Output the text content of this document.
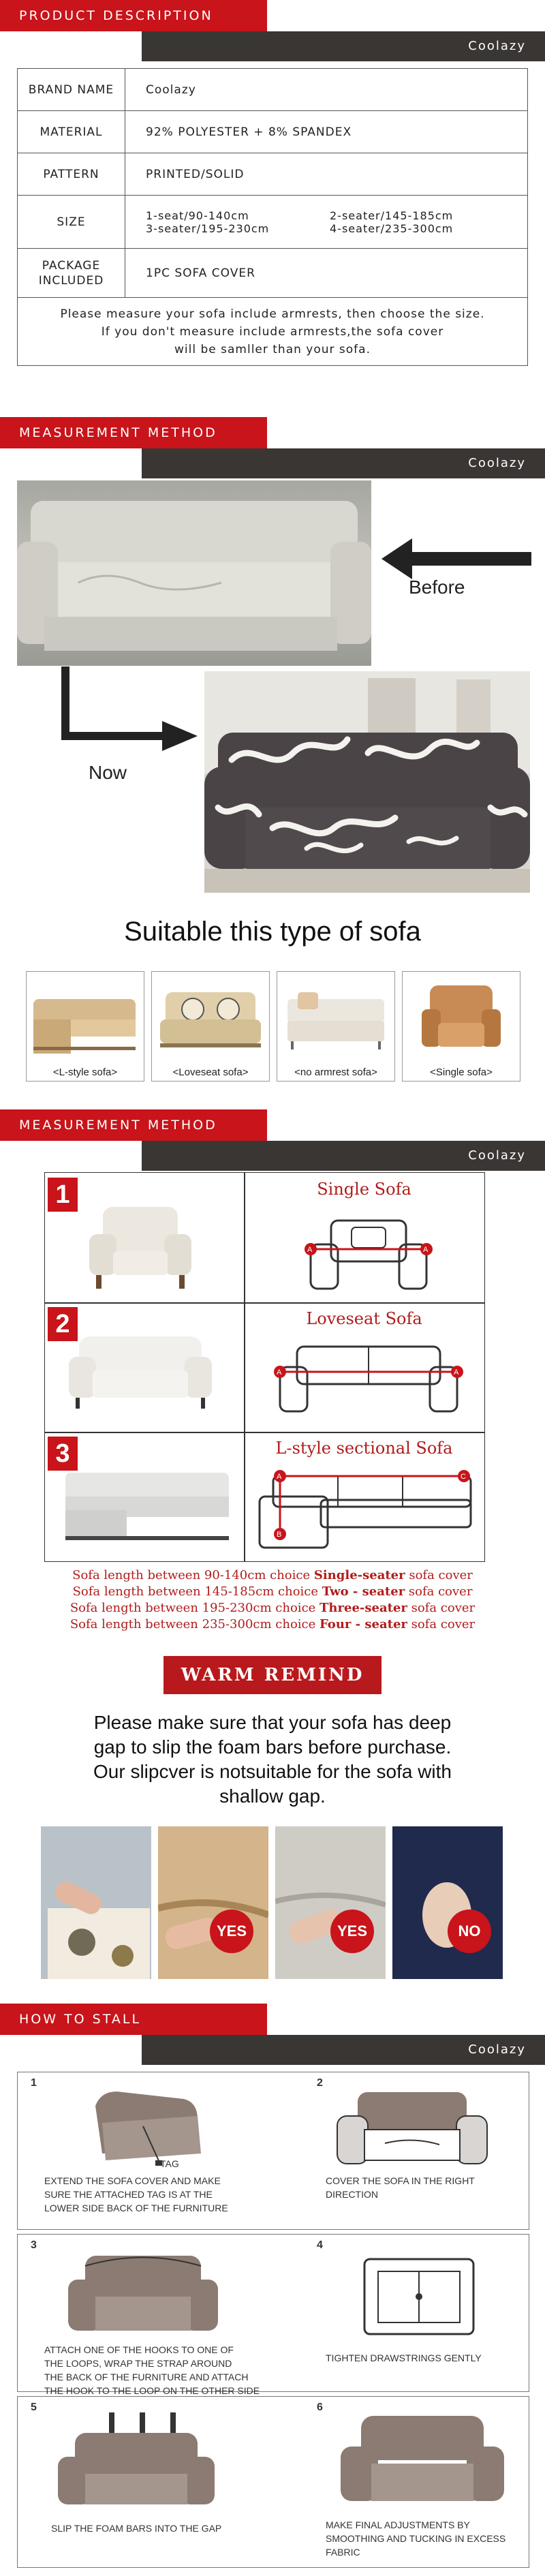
PRODUCT DESCRIPTION
Coolazy
BRAND NAME	Coolazy
MATERIAL	92% POLYESTER + 8% SPANDEX
PATTERN	PRINTED/SOLID
SIZE	1-seat/90-140cm 2-seater/145-185cm
3-seater/195-230cm 4-seater/235-300cm

PACKAGE
INCLUDED	1PC SOFA COVER

Please measure your sofa include armrests, then choose the size.
If you don't measure include armrests,the sofa cover
will be samller than your sofa.	
MEASUREMENT METHOD
Coolazy
Before
Now
Suitable this type of sofa
<L-style sofa>	<Loveseat sofa>	<no armrest sofa>	<Single sofa>
MEASUREMENT METHOD
Coolazy
Single Sofa
A	A
Loveseat Sofa
A	A
L-style sectional Sofa
A
B
C
1
2
3
Sofa length between 90-140cm choice Single-seater sofa cover
Sofa length between 145-185cm choice Two - seater sofa cover
Sofa length between 195-230cm choice Three-seater sofa cover
Sofa length between 235-300cm choice Four - seater sofa cover
WARM REMIND
Please make sure that your sofa has deep
gap to slip the foam bars before purchase.
Our slipcver is notsuitable for the sofa with
shallow gap.
YES	YES	NO
HOW TO STALL
Coolazy
1
TAG
EXTEND THE SOFA COVER AND MAKE
SURE THE ATTACHED TAG IS AT THE
LOWER SIDE BACK OF THE FURNITURE
2
COVER THE SOFA IN THE RIGHT
DIRECTION
3
ATTACH ONE OF THE HOOKS TO ONE OF
THE LOOPS, WRAP THE STRAP AROUND
THE BACK OF THE FURNITURE AND ATTACH
THE HOOK TO THE LOOP ON THE OTHER SIDE
4
TIGHTEN DRAWSTRINGS GENTLY
5
SLIP THE FOAM BARS INTO THE GAP
6
MAKE FINAL ADJUSTMENTS BY
SMOOTHING AND TUCKING IN EXCESS
FABRIC
